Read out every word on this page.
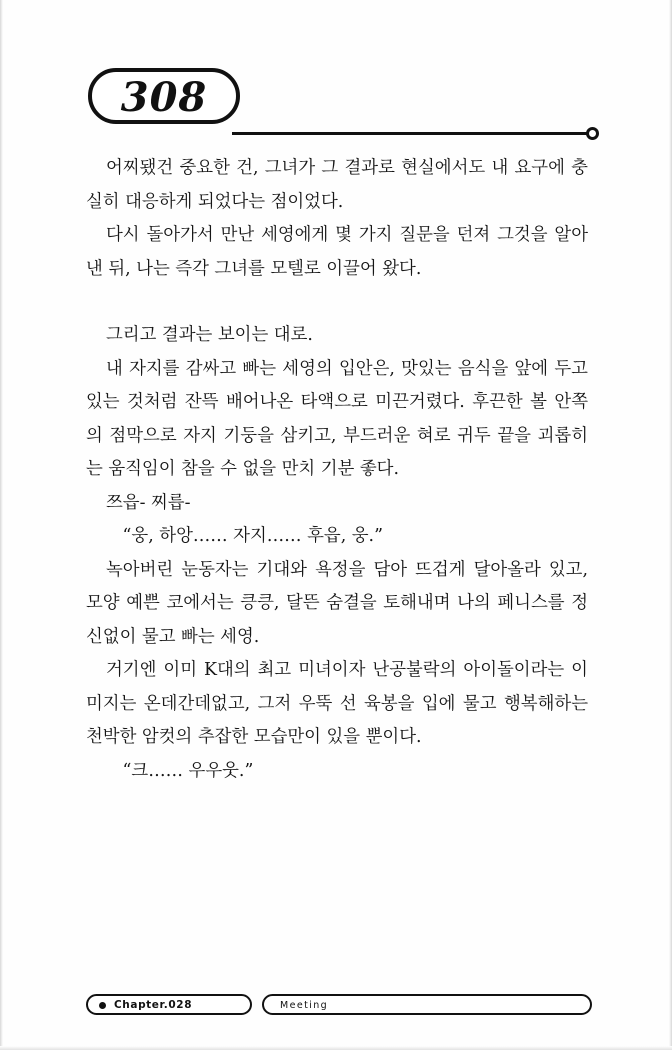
308

어찌됐건 중요한 건, 그녀가 그 결과로 현실에서도 내 요구에 충실히 대응하게 되었다는 점이었다.

다시 돌아가서 만난 세영에게 몇 가지 질문을 던져 그것을 알아낸 뒤, 나는 즉각 그녀를 모텔로 이끌어 왔다.

그리고 결과는 보이는 대로.

내 자지를 감싸고 빠는 세영의 입안은, 맛있는 음식을 앞에 두고 있는 것처럼 잔뜩 배어나온 타액으로 미끈거렸다. 후끈한 볼 안쪽의 점막으로 자지 기둥을 삼키고, 부드러운 혀로 귀두 끝을 괴롭히는 움직임이 참을 수 없을 만치 기분 좋다.

쯔읍- 찌릅-

“웅, 하앙…… 자지…… 후읍, 웅.”

녹아버린 눈동자는 기대와 욕정을 담아 뜨겁게 달아올라 있고, 모양 예쁜 코에서는 킁킁, 달뜬 숨결을 토해내며 나의 페니스를 정신없이 물고 빠는 세영.

거기엔 이미 K대의 최고 미녀이자 난공불락의 아이돌이라는 이미지는 온데간데없고, 그저 우뚝 선 육봉을 입에 물고 행복해하는 천박한 암컷의 추잡한 모습만이 있을 뿐이다.

“크…… 우우웃.”

Chapter.028	Meeting
